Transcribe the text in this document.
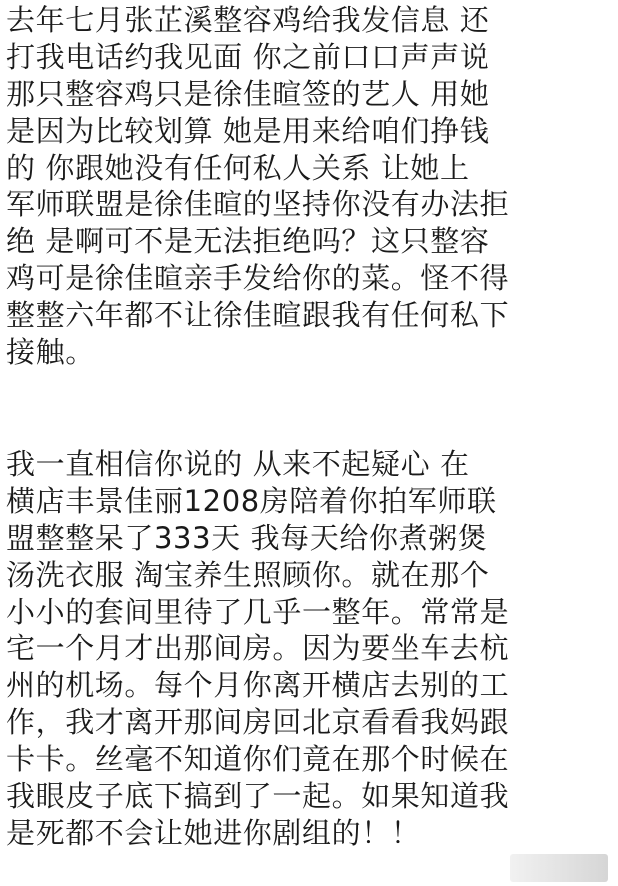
去年七月张芷溪整容鸡给我发信息 还
打我电话约我见面 你之前口口声声说
那只整容鸡只是徐佳暄签的艺人 用她
是因为比较划算 她是用来给咱们挣钱
的 你跟她没有任何私人关系 让她上
军师联盟是徐佳暄的坚持你没有办法拒
绝 是啊可不是无法拒绝吗？这只整容
鸡可是徐佳暄亲手发给你的菜。怪不得
整整六年都不让徐佳暄跟我有任何私下
接触。
我一直相信你说的 从来不起疑心 在
横店丰景佳丽1208房陪着你拍军师联
盟整整呆了333天 我每天给你煮粥煲
汤洗衣服 淘宝养生照顾你。就在那个
小小的套间里待了几乎一整年。常常是
宅一个月才出那间房。因为要坐车去杭
州的机场。每个月你离开横店去别的工
作，我才离开那间房回北京看看我妈跟
卡卡。丝毫不知道你们竟在那个时候在
我眼皮子底下搞到了一起。如果知道我
是死都不会让她进你剧组的！！
